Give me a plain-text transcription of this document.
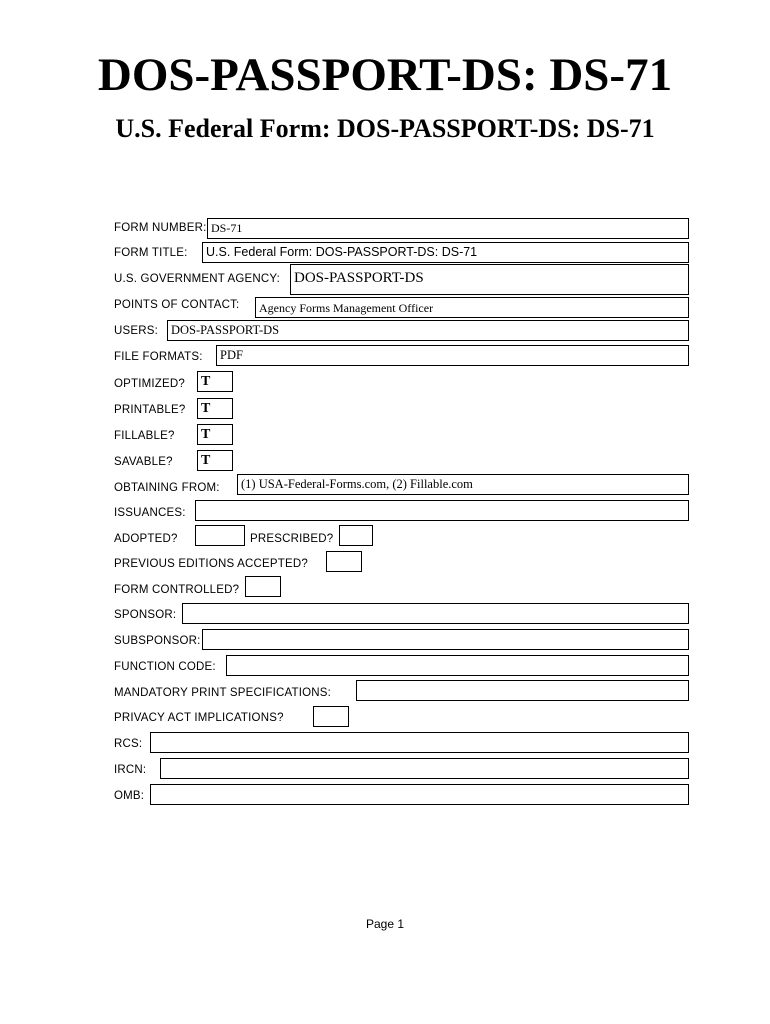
DOS-PASSPORT-DS: DS-71
U.S. Federal Form: DOS-PASSPORT-DS: DS-71
FORM NUMBER: DS-71
FORM TITLE:	U.S. Federal Form: DOS-PASSPORT-DS: DS-71
U.S. GOVERNMENT AGENCY: DOS-PASSPORT-DS
POINTS OF CONTACT:	Agency Forms Management Officer
USERS:	DOS-PASSPORT-DS
FILE FORMATS:	PDF
OPTIMIZED? T
PRINTABLE? T
FILLABLE? T
SAVABLE? T
OBTAINING FROM:	(1) USA-Federal-Forms.com, (2) Fillable.com
ISSUANCES:
ADOPTED?	PRESCRIBED?
PREVIOUS EDITIONS ACCEPTED?
FORM CONTROLLED?
SPONSOR:
SUBSPONSOR:
FUNCTION CODE:
MANDATORY PRINT SPECIFICATIONS:
PRIVACY ACT IMPLICATIONS?
RCS:
IRCN:
OMB:
Page 1
